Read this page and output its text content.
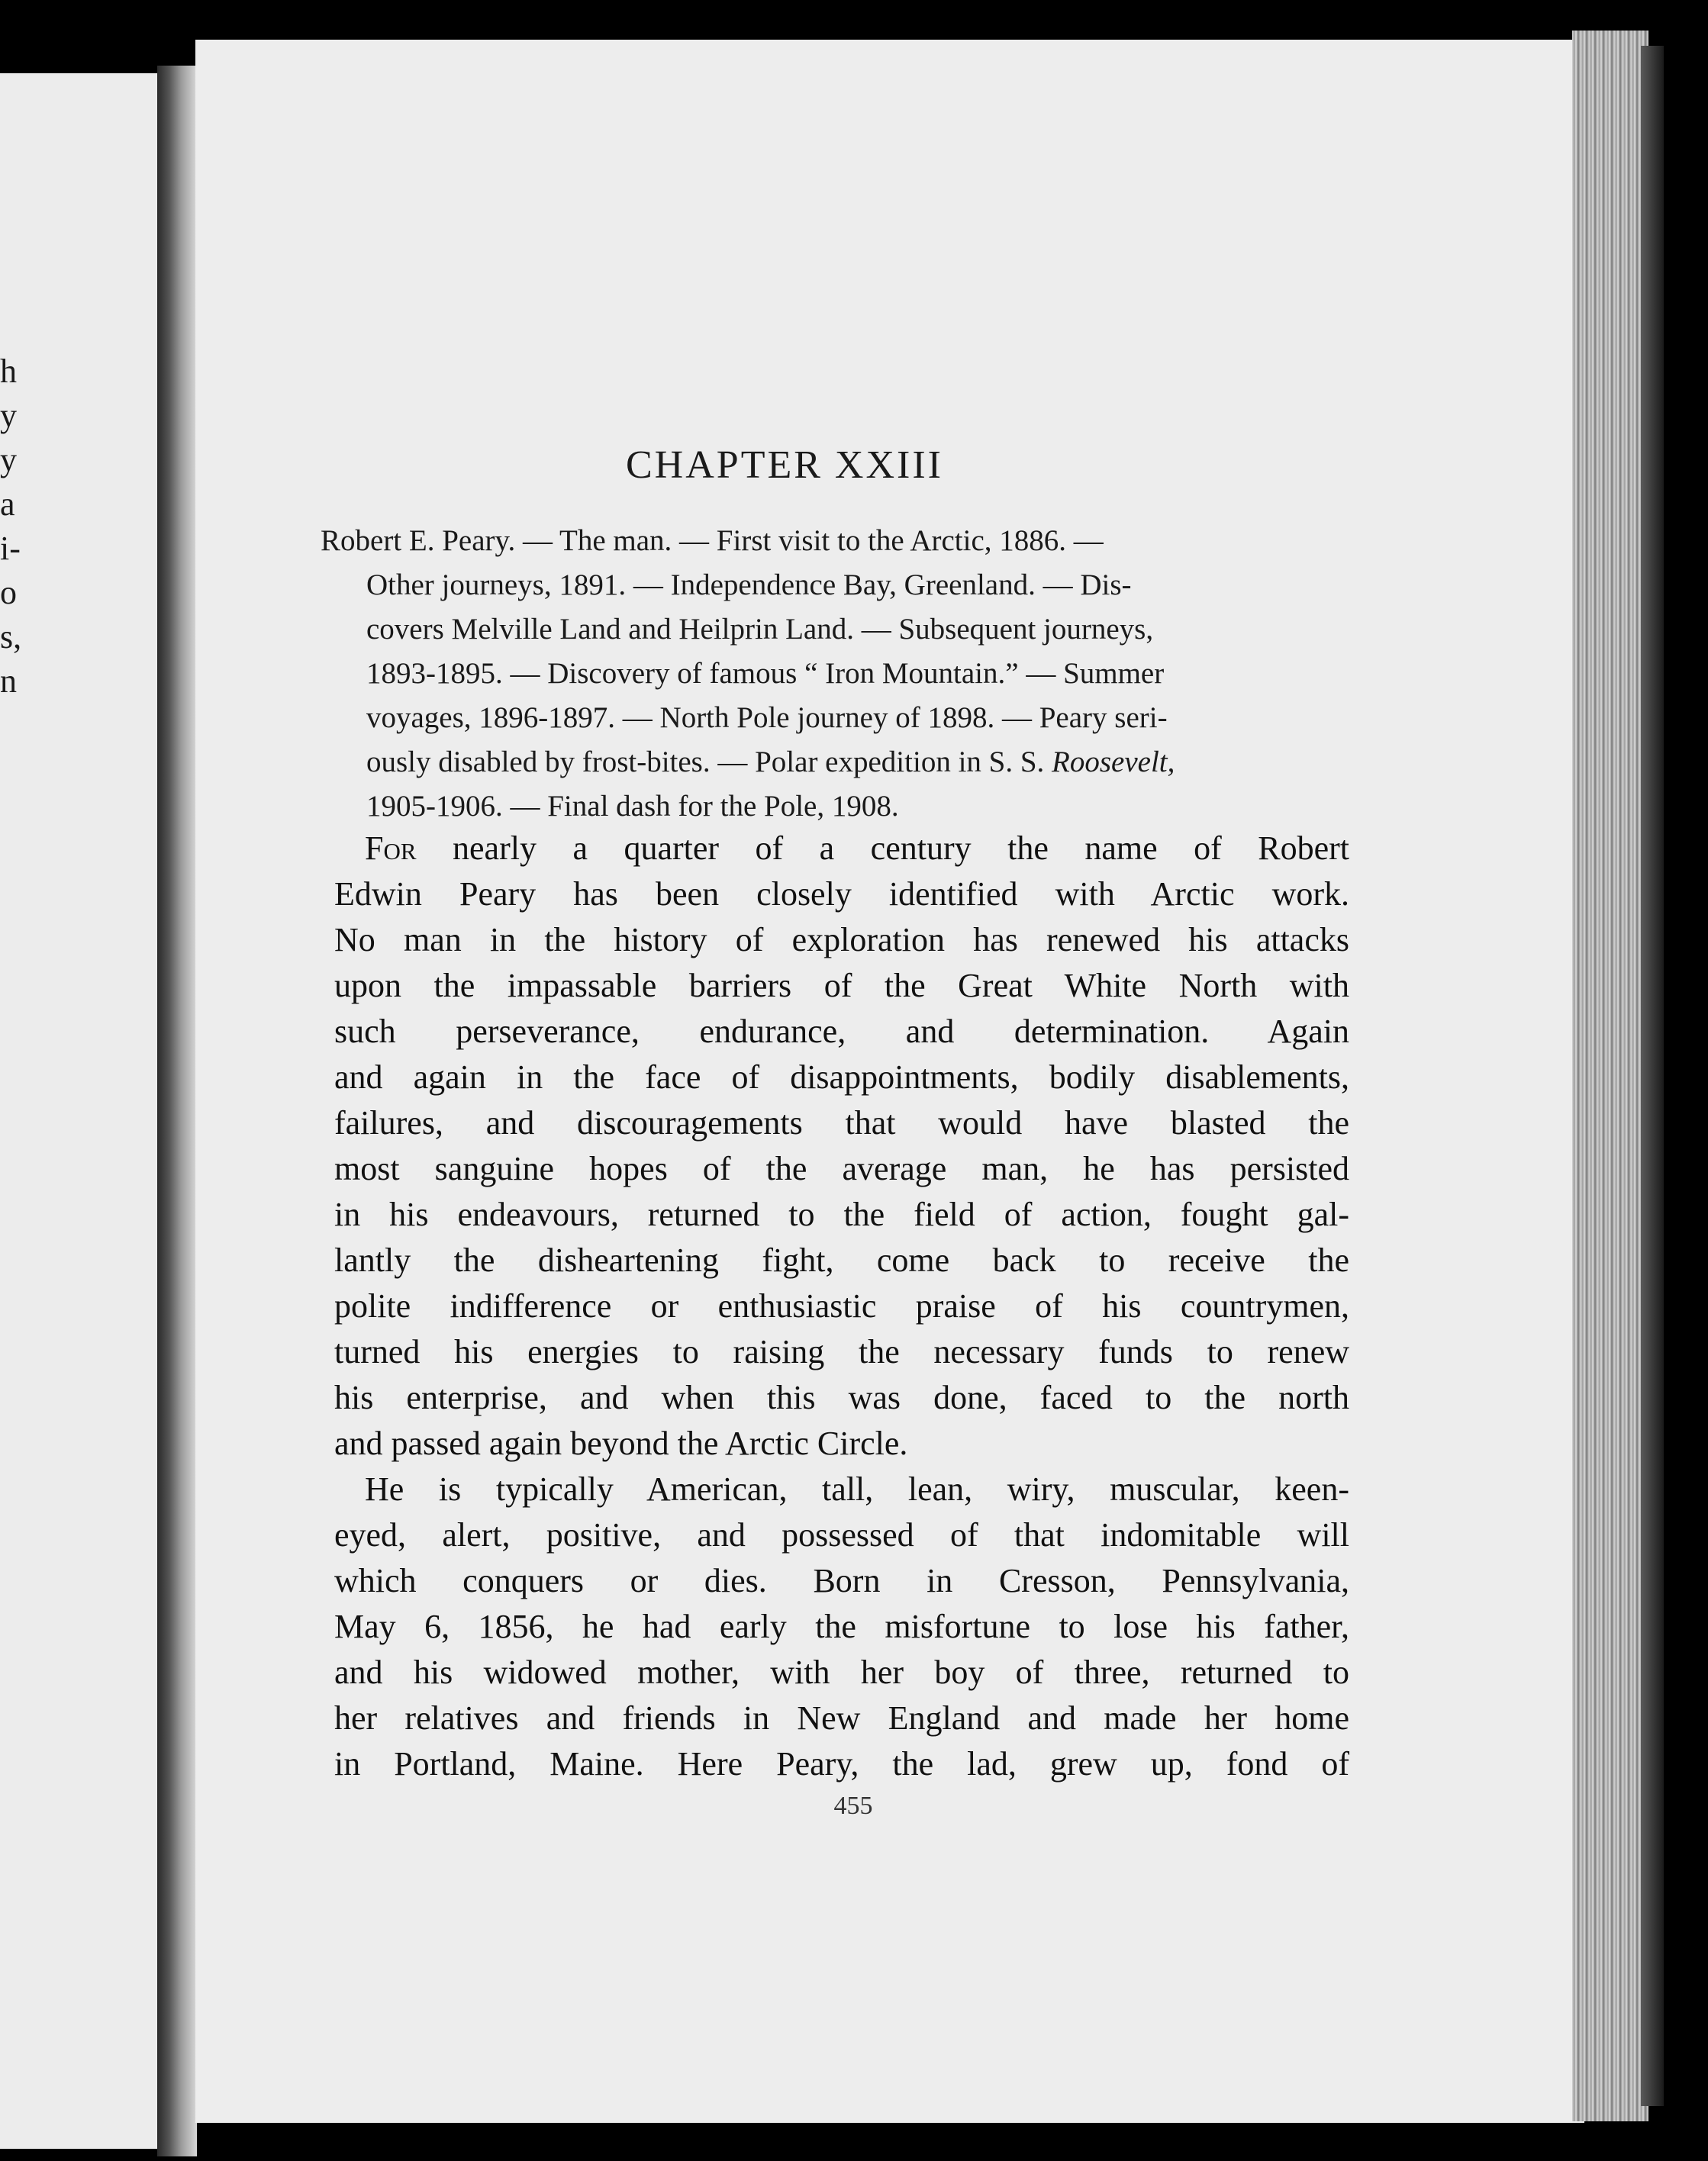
h
y
y
a
i-
o
s,
n
CHAPTER XXIII
Robert E. Peary. — The man. — First visit to the Arctic, 1886. —
Other journeys, 1891. — Independence Bay, Greenland. — Dis-
covers Melville Land and Heilprin Land. — Subsequent journeys,
1893-1895. — Discovery of famous “ Iron Mountain.” — Summer
voyages, 1896-1897. — North Pole journey of 1898. — Peary seri-
ously disabled by frost-bites. — Polar expedition in S. S. Roosevelt,
1905-1906. — Final dash for the Pole, 1908.
For nearly a quarter of a century the name of Robert
Edwin Peary has been closely identified with Arctic work.
No man in the history of exploration has renewed his attacks
upon the impassable barriers of the Great White North with
such perseverance, endurance, and determination. Again
and again in the face of disappointments, bodily disablements,
failures, and discouragements that would have blasted the
most sanguine hopes of the average man, he has persisted
in his endeavours, returned to the field of action, fought gal-
lantly the disheartening fight, come back to receive the
polite indifference or enthusiastic praise of his countrymen,
turned his energies to raising the necessary funds to renew
his enterprise, and when this was done, faced to the north
and passed again beyond the Arctic Circle.
He is typically American, tall, lean, wiry, muscular, keen-
eyed, alert, positive, and possessed of that indomitable will
which conquers or dies. Born in Cresson, Pennsylvania,
May 6, 1856, he had early the misfortune to lose his father,
and his widowed mother, with her boy of three, returned to
her relatives and friends in New England and made her home
in Portland, Maine. Here Peary, the lad, grew up, fond of
455
